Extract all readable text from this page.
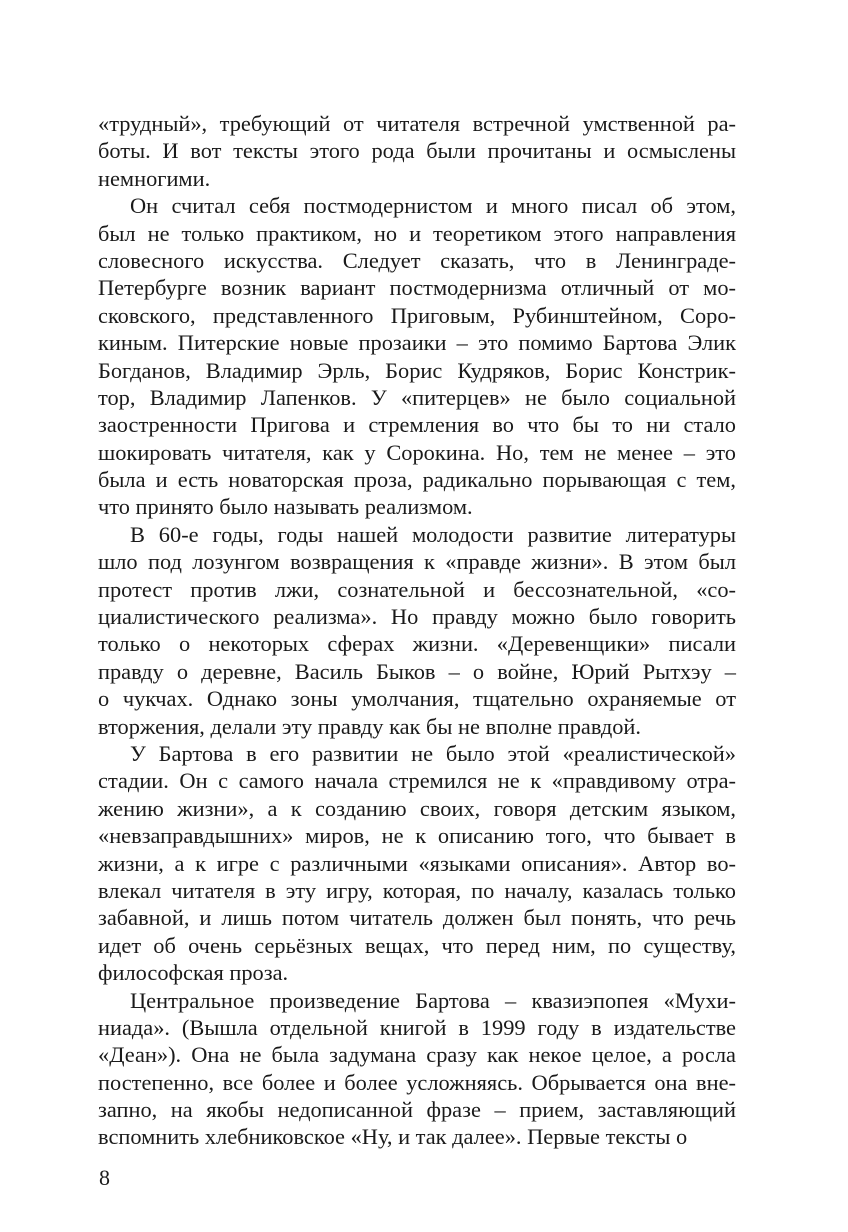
«трудный», требующий от читателя встречной умственной ра-
боты. И вот тексты этого рода были прочитаны и осмыслены
немногими.
Он считал себя постмодернистом и много писал об этом,
был не только практиком, но и теоретиком этого направления
словесного искусства. Следует сказать, что в Ленинграде-
Петербурге возник вариант постмодернизма отличный от мо-
сковского, представленного Приговым, Рубинштейном, Соро-
киным. Питерские новые прозаики – это помимо Бартова Элик
Богданов, Владимир Эрль, Борис Кудряков, Борис Констрик-
тор, Владимир Лапенков. У «питерцев» не было социальной
заостренности Пригова и стремления во что бы то ни стало
шокировать читателя, как у Сорокина. Но, тем не менее – это
была и есть новаторская проза, радикально порывающая с тем,
что принято было называть реализмом.
В 60-е годы, годы нашей молодости развитие литературы
шло под лозунгом возвращения к «правде жизни». В этом был
протест против лжи, сознательной и бессознательной, «со-
циалистического реализма». Но правду можно было говорить
только о некоторых сферах жизни. «Деревенщики» писали
правду о деревне, Василь Быков – о войне, Юрий Рытхэу –
о чукчах. Однако зоны умолчания, тщательно охраняемые от
вторжения, делали эту правду как бы не вполне правдой.
У Бартова в его развитии не было этой «реалистической»
стадии. Он с самого начала стремился не к «правдивому отра-
жению жизни», а к созданию своих, говоря детским языком,
«невзаправдышних» миров, не к описанию того, что бывает в
жизни, а к игре с различными «языками описания». Автор во-
влекал читателя в эту игру, которая, по началу, казалась только
забавной, и лишь потом читатель должен был понять, что речь
идет об очень серьёзных вещах, что перед ним, по существу,
философская проза.
Центральное произведение Бартова – квазиэпопея «Мухи-
ниада». (Вышла отдельной книгой в 1999 году в издательстве
«Деан»). Она не была задумана сразу как некое целое, а росла
постепенно, все более и более усложняясь. Обрывается она вне-
запно, на якобы недописанной фразе – прием, заставляющий
вспомнить хлебниковское «Ну, и так далее». Первые тексты о
8
